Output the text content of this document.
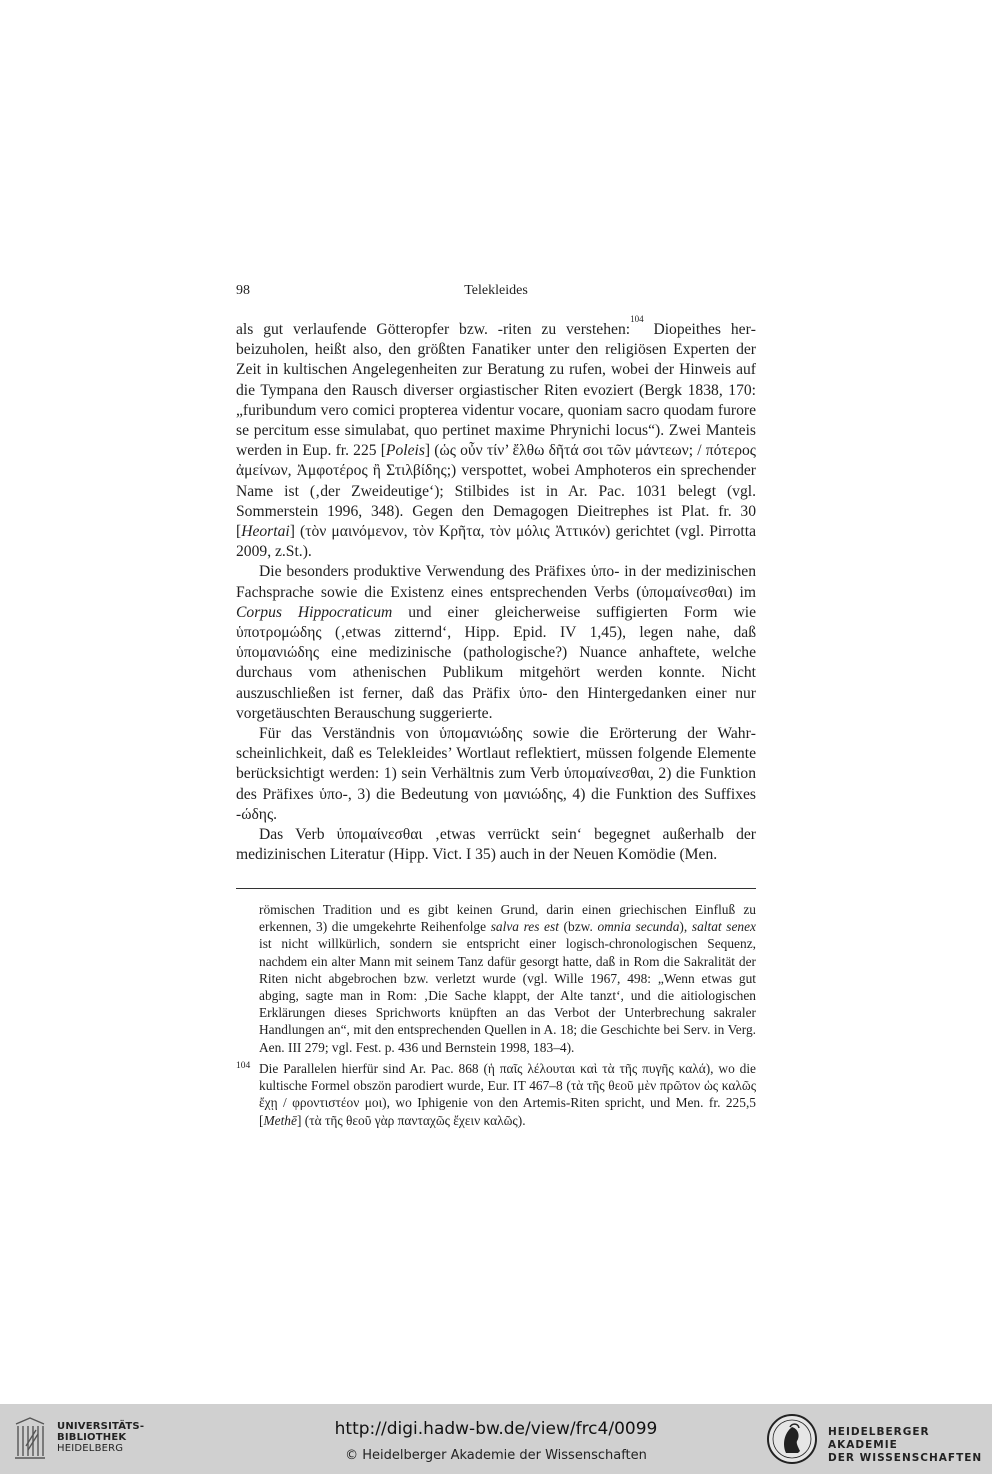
98	Telekleides

als gut verlaufende Götteropfer bzw. -riten zu verstehen:$^{104}$ Diopeithes herbeizuholen, heißt also, den größten Fanatiker unter den religiösen Experten der Zeit in kultischen Angelegenheiten zur Beratung zu rufen, wobei der Hinweis auf die Tympana den Rausch diverser orgiastischer Riten evoziert (Bergk 1838, 170: „furibundum vero comici propterea videntur vocare, quoniam sacro quodam furore se percitum esse simulabat, quo pertinet maxime Phrynichi locus“). Zwei Manteis werden in Eup. fr. 225 [Poleis] (ὡς οὖν τίν’ ἔλθω δῆτά σοι τῶν μάντεων; / πότερος ἀμείνων, Ἀμφοτέρος ἢ Στιλβίδης;) verspottet, wobei Amphoteros ein sprechender Name ist (‚der Zweideutige‘); Stilbides ist in Ar. Pac. 1031 belegt (vgl. Sommerstein 1996, 348). Gegen den Demagogen Dieitrephes ist Plat. fr. 30 [Heortai] (τὸν μαινόμενον, τὸν Κρῆτα, τὸν μόλις Ἀττικόν) gerichtet (vgl. Pirrotta 2009, z.St.).

Die besonders produktive Verwendung des Präfixes ὑπο- in der medizinischen Fachsprache sowie die Existenz eines entsprechenden Verbs (ὑπομαίνεσθαι) im Corpus Hippocraticum und einer gleicherweise suffigierten Form wie ὑποτρομώδης (‚etwas zitternd‘, Hipp. Epid. IV 1,45), legen nahe, daß ὑπομανιώδης eine medizinische (pathologische?) Nuance anhaftete, welche durchaus vom athenischen Publikum mitgehört werden konnte. Nicht auszuschließen ist ferner, daß das Präfix ὑπο- den Hintergedanken einer nur vorgetäuschten Berauschung suggerierte.

Für das Verständnis von ὑπομανιώδης sowie die Erörterung der Wahrscheinlichkeit, daß es Telekleides’ Wortlaut reflektiert, müssen folgende Elemente berücksichtigt werden: 1) sein Verhältnis zum Verb ὑπομαίνεσθαι, 2) die Funktion des Präfixes ὑπο-, 3) die Bedeutung von μανιώδης, 4) die Funktion des Suffixes -ώδης.

Das Verb ὑπομαίνεσθαι ‚etwas verrückt sein‘ begegnet außerhalb der medizinischen Literatur (Hipp. Vict. I 35) auch in der Neuen Komödie (Men.

römischen Tradition und es gibt keinen Grund, darin einen griechischen Einfluß zu erkennen, 3) die umgekehrte Reihenfolge salva res est (bzw. omnia secunda), saltat senex ist nicht willkürlich, sondern sie entspricht einer logisch-chronologischen Sequenz, nachdem ein alter Mann mit seinem Tanz dafür gesorgt hatte, daß in Rom die Sakralität der Riten nicht abgebrochen bzw. verletzt wurde (vgl. Wille 1967, 498: „Wenn etwas gut abging, sagte man in Rom: ‚Die Sache klappt, der Alte tanzt‘, und die aitiologischen Erklärungen dieses Sprichworts knüpften an das Verbot der Unterbrechung sakraler Handlungen an“, mit den entsprechenden Quellen in A. 18; die Geschichte bei Serv. in Verg. Aen. III 279; vgl. Fest. p. 436 und Bernstein 1998, 183–4).

104 Die Parallelen hierfür sind Ar. Pac. 868 (ἡ παῖς λέλουται καὶ τὰ τῆς πυγῆς καλά), wo die kultische Formel obszön parodiert wurde, Eur. IT 467–8 (τὰ τῆς θεοῦ μὲν πρῶτον ὡς καλῶς ἔχῃ / φροντιστέον μοι), wo Iphigenie von den Artemis-Riten spricht, und Men. fr. 225,5 [Methē] (τὰ τῆς θεοῦ γὰρ πανταχῶς ἔχειν καλῶς).

UNIVERSITÄTS-
BIBLIOTHEK
HEIDELBERG
http://digi.hadw-bw.de/view/frc4/0099
© Heidelberger Akademie der Wissenschaften
HEIDELBERGER AKADEMIE
DER WISSENSCHAFTEN
